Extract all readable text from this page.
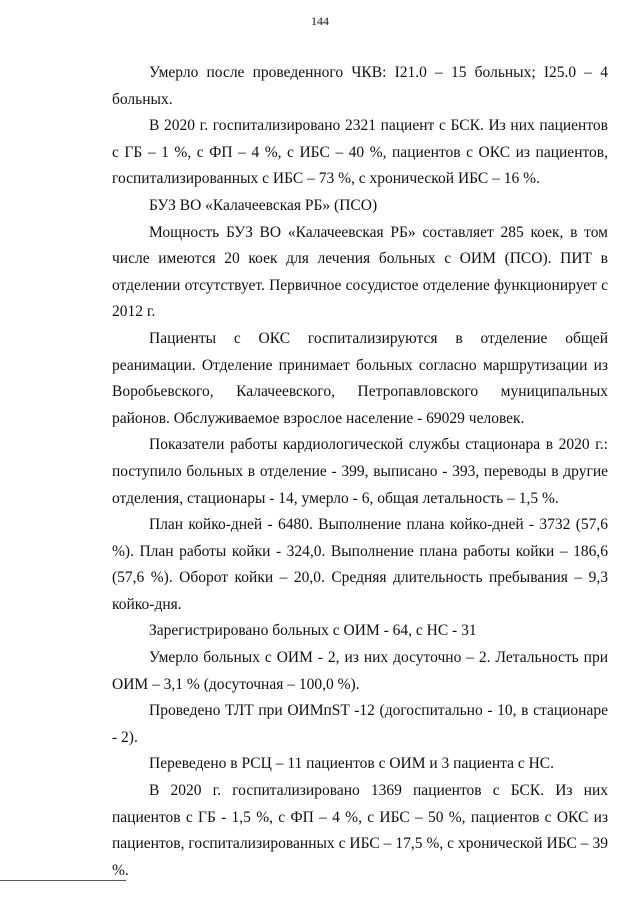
144

Умерло после проведенного ЧКВ: I21.0 – 15 больных; I25.0 – 4 больных.

В 2020 г. госпитализировано 2321 пациент с БСК. Из них пациентов с ГБ – 1 %, с ФП – 4 %, с ИБС – 40 %, пациентов с ОКС из пациентов, госпитализированных с ИБС – 73 %, с хронической ИБС – 16 %.

БУЗ ВО «Калачеевская РБ» (ПСО)

Мощность БУЗ ВО «Калачеевская РБ» составляет 285 коек, в том числе имеются 20 коек для лечения больных с ОИМ (ПСО). ПИТ в отделении отсутствует. Первичное сосудистое отделение функционирует с 2012 г.

Пациенты с ОКС госпитализируются в отделение общей реанимации. Отделение принимает больных согласно маршрутизации из Воробьевского, Калачеевского, Петропавловского муниципальных районов. Обслуживаемое взрослое население - 69029 человек.

Показатели работы кардиологической службы стационара в 2020 г.: поступило больных в отделение - 399, выписано - 393, переводы в другие отделения, стационары - 14, умерло - 6, общая летальность – 1,5 %.

План койко-дней - 6480. Выполнение плана койко-дней - 3732 (57,6 %). План работы койки - 324,0. Выполнение плана работы койки – 186,6 (57,6 %). Оборот койки – 20,0. Средняя длительность пребывания – 9,3 койко-дня.

Зарегистрировано больных с ОИМ - 64, с НС - 31

Умерло больных с ОИМ - 2, из них досуточно – 2. Летальность при ОИМ – 3,1 % (досуточная – 100,0 %).

Проведено ТЛТ при ОИМпST -12 (догоспитально - 10, в стационаре - 2).

Переведено в РСЦ – 11 пациентов с ОИМ и 3 пациента с НС.

В 2020 г. госпитализировано 1369 пациентов с БСК. Из них пациентов с ГБ - 1,5 %, с ФП – 4 %, с ИБС – 50 %, пациентов с ОКС из пациентов, госпитализированных с ИБС – 17,5 %, с хронической ИБС – 39 %.
